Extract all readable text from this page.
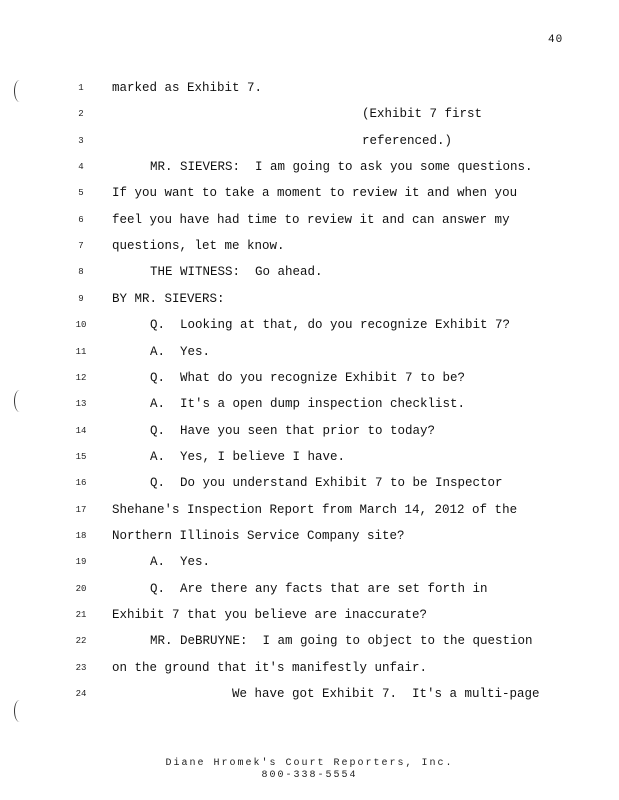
40
1	marked as Exhibit 7.
2	(Exhibit 7 first
3	referenced.)
4	MR. SIEVERS:  I am going to ask you some questions.
5	If you want to take a moment to review it and when you
6	feel you have had time to review it and can answer my
7	questions, let me know.
8	THE WITNESS:  Go ahead.
9	BY MR. SIEVERS:
10	Q.  Looking at that, do you recognize Exhibit 7?
11	A.  Yes.
12	Q.  What do you recognize Exhibit 7 to be?
13	A.  It's a open dump inspection checklist.
14	Q.  Have you seen that prior to today?
15	A.  Yes, I believe I have.
16	Q.  Do you understand Exhibit 7 to be Inspector
17	Shehane's Inspection Report from March 14, 2012 of the
18	Northern Illinois Service Company site?
19	A.  Yes.
20	Q.  Are there any facts that are set forth in
21	Exhibit 7 that you believe are inaccurate?
22	MR. DeBRUYNE:  I am going to object to the question
23	on the ground that it's manifestly unfair.
24	We have got Exhibit 7.  It's a multi-page
Diane Hromek's Court Reporters, Inc.
800-338-5554
